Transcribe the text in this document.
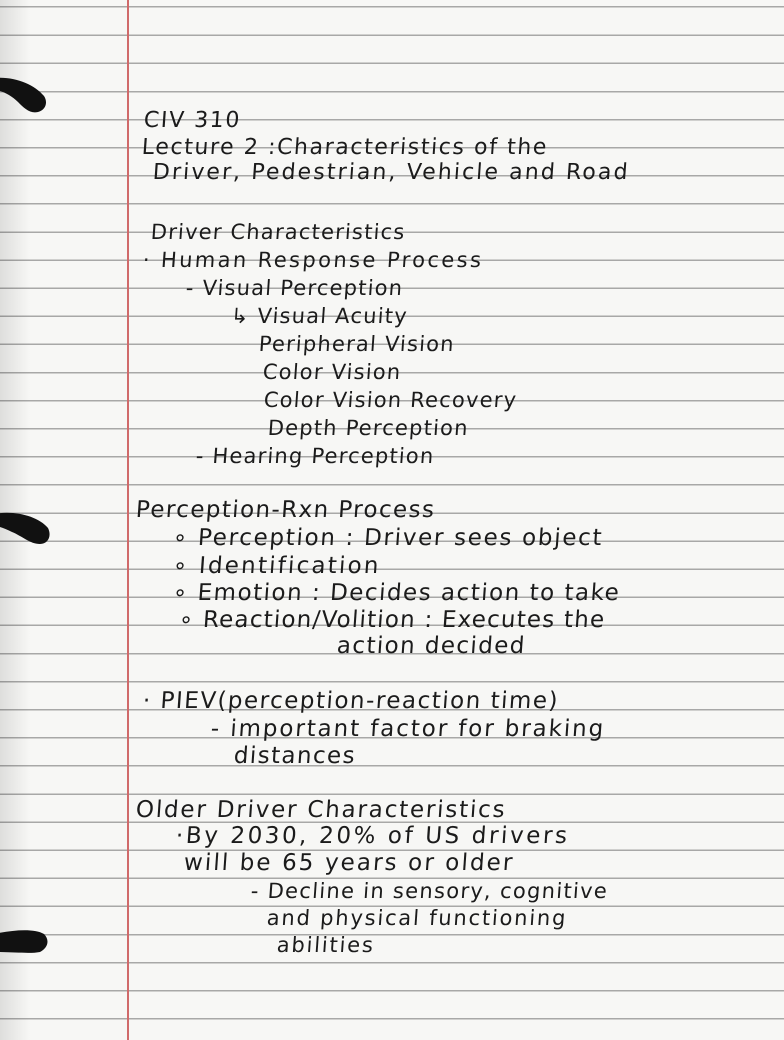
CIV 310

Lecture 2 :Characteristics of the

Driver, Pedestrian, Vehicle and Road

Driver Characteristics

· Human Response Process

- Visual Perception

↳ Visual Acuity

Peripheral Vision

Color Vision

Color Vision Recovery

Depth Perception

- Hearing Perception

Perception-Rxn Process

∘ Perception : Driver sees object

∘ Identification

∘ Emotion : Decides action to take

∘ Reaction/Volition : Executes the

action decided

· PIEV(perception-reaction time)

- important factor for braking

distances

Older Driver Characteristics

·By 2030, 20% of US drivers

will be 65 years or older

- Decline in sensory, cognitive

and physical functioning

abilities
